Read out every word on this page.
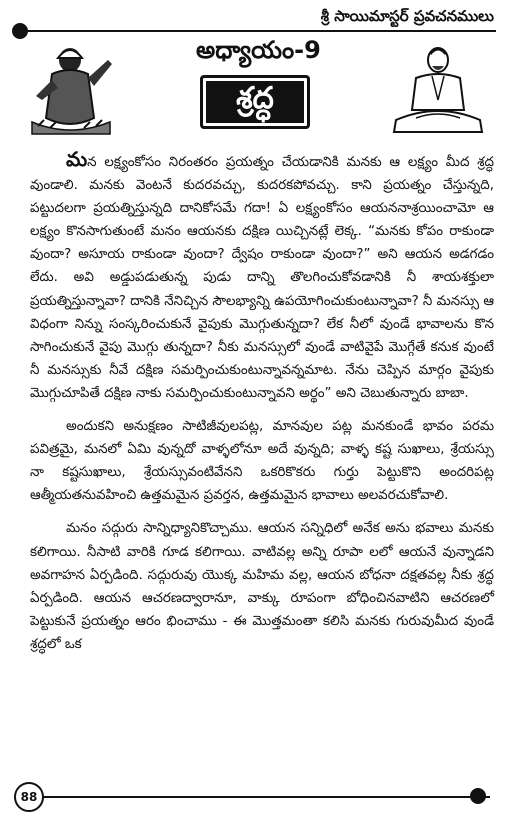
శ్రీ సాయిమాస్టర్ ప్రవచనములు
అధ్యాయం-9
శ్రద్ధ

మన లక్ష్యంకోసం నిరంతరం ప్రయత్నం చేయడానికి మనకు ఆ లక్ష్యం మీద శ్రద్ధ వుండాలి. మనకు వెంటనే కుదరవచ్చు, కుదరకపోవచ్చు. కాని ప్రయత్నం చేస్తున్నది, పట్టుదలగా ప్రయత్నిస్తున్నది దానికోసమే గదా! ఏ లక్ష్యంకోసం ఆయననాశ్రయించామో ఆ లక్ష్యం కొనసాగుతుంటే మనం ఆయనకు దక్షిణ యిచ్చినట్లే లెక్క. “మనకు కోపం రాకుండా వుందా? అసూయ రాకుండా వుందా? ద్వేషం రాకుండా వుందా?” అని ఆయన అడగడం లేదు. అవి అడ్డుపడుతున్న పుడు దాన్ని తొలగించుకోవడానికి నీ శాయశక్తులా ప్రయత్నిస్తున్నావా? దానికి నేనిచ్చిన సౌలభ్యాన్ని ఉపయోగించుకుంటున్నావా? నీ మనస్సు ఆ విధంగా నిన్ను సంస్కరించుకునే వైపుకు మొగ్గుతున్నదా? లేక నీలో వుండే భావాలను కొన సాగించుకునే వైపు మొగ్గు తున్నదా? నీకు మనస్సులో వుండే వాటివైపే మొగ్గేతే కనుక వుంటే నీ మనస్సుకు నీవే దక్షిణ సమర్పించుకుంటున్నావన్నమాట. నేను చెప్పిన మార్గం వైపుకు మొగ్గుచూపితే దక్షిణ నాకు సమర్పించుకుంటున్నావని అర్థం” అని చెబుతున్నారు బాబా.

అందుకని అనుక్షణం సాటిజీవులపట్ల, మానవుల పట్ల మనకుండే భావం పరమ పవిత్రమై, మనలో ఏమి వున్నదో వాళ్ళలోనూ అదే వున్నది; వాళ్ళ కష్ట సుఖాలు, శ్రేయస్సు నా కష్టసుఖాలు, శ్రేయస్సువంటివేనని ఒకరికొకరు గుర్తు పెట్టుకొని అందరిపట్ల ఆత్మీయతనువహించి ఉత్తమమైన ప్రవర్తన, ఉత్తమమైన భావాలు అలవరచుకోవాలి.

మనం సద్గురు సాన్నిధ్యానికొచ్చాము. ఆయన సన్నిధిలో అనేక అను భవాలు మనకు కలిగాయి. నీసాటి వారికి గూడ కలిగాయి. వాటివల్ల అన్ని రూపా లలో ఆయనే వున్నాడని అవగాహన ఏర్పడింది. సద్గురువు యొక్క మహిమ వల్ల, ఆయన బోధనా దక్షతవల్ల నీకు శ్రద్ధ ఏర్పడింది. ఆయన ఆచరణద్వారానూ, వాక్కు రూపంగా బోధించినవాటిని ఆచరణలో పెట్టుకునే ప్రయత్నం ఆరం భించాము - ఈ మొత్తమంతా కలిసి మనకు గురువుమీద వుండే శ్రద్ధలో ఒక

88
